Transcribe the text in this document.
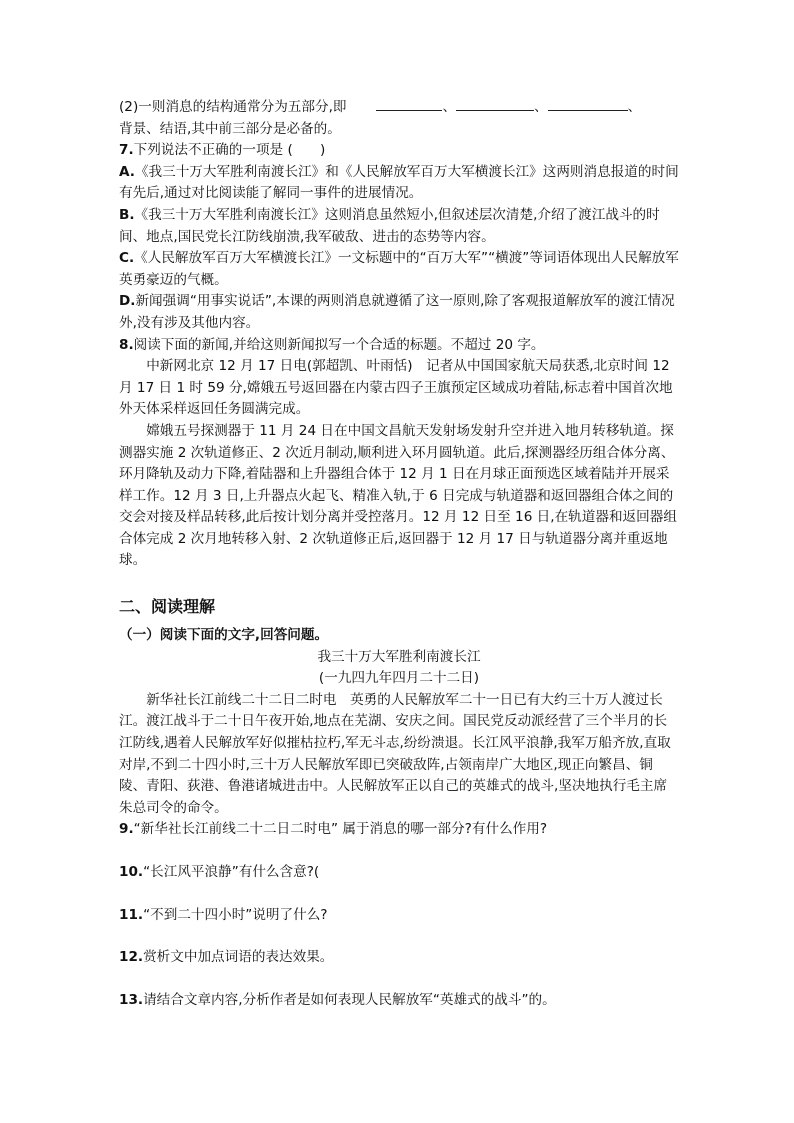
(2)一则消息的结构通常分为五部分,即	、	、	、
背景、结语,其中前三部分是必备的。

7.下列说法不正确的一项是 (　　)

A.《我三十万大军胜利南渡长江》和《人民解放军百万大军横渡长江》这两则消息报道的时间有先后,通过对比阅读能了解同一事件的进展情况。

B.《我三十万大军胜利南渡长江》这则消息虽然短小,但叙述层次清楚,介绍了渡江战斗的时间、地点,国民党长江防线崩溃,我军破敌、进击的态势等内容。

C.《人民解放军百万大军横渡长江》一文标题中的“百万大军”“横渡”等词语体现出人民解放军英勇豪迈的气概。

D.新闻强调“用事实说话”,本课的两则消息就遵循了这一原则,除了客观报道解放军的渡江情况外,没有涉及其他内容。

8.阅读下面的新闻,并给这则新闻拟写一个合适的标题。不超过 20 字。

中新网北京 12 月 17 日电(郭超凯、叶雨恬)　记者从中国国家航天局获悉,北京时间 12 月 17 日 1 时 59 分,嫦娥五号返回器在内蒙古四子王旗预定区域成功着陆,标志着中国首次地外天体采样返回任务圆满完成。

嫦娥五号探测器于 11 月 24 日在中国文昌航天发射场发射升空并进入地月转移轨道。探测器实施 2 次轨道修正、2 次近月制动,顺利进入环月圆轨道。此后,探测器经历组合体分离、环月降轨及动力下降,着陆器和上升器组合体于 12 月 1 日在月球正面预选区域着陆并开展采样工作。12 月 3 日,上升器点火起飞、精准入轨,于 6 日完成与轨道器和返回器组合体之间的交会对接及样品转移,此后按计划分离并受控落月。12 月 12 日至 16 日,在轨道器和返回器组合体完成 2 次月地转移入射、2 次轨道修正后,返回器于 12 月 17 日与轨道器分离并重返地球。

二、阅读理解

（一）阅读下面的文字,回答问题。

我三十万大军胜利南渡长江

(一九四九年四月二十二日)

新华社长江前线二十二日二时电　英勇的人民解放军二十一日已有大约三十万人渡过长江。渡江战斗于二十日午夜开始,地点在芜湖、安庆之间。国民党反动派经营了三个半月的长江防线,遇着人民解放军好似摧枯拉朽,军无斗志,纷纷溃退。长江风平浪静,我军万船齐放,直取对岸,不到二十四小时,三十万人民解放军即已突破敌阵,占领南岸广大地区,现正向繁昌、铜陵、青阳、荻港、鲁港诸城进击中。人民解放军正以自己的英雄式的战斗,坚决地执行毛主席朱总司令的命令。

9.“新华社长江前线二十二日二时电” 属于消息的哪一部分?有什么作用?

10.“长江风平浪静”有什么含意?(

11.“不到二十四小时”说明了什么?

12.赏析文中加点词语的表达效果。

13.请结合文章内容,分析作者是如何表现人民解放军“英雄式的战斗”的。
